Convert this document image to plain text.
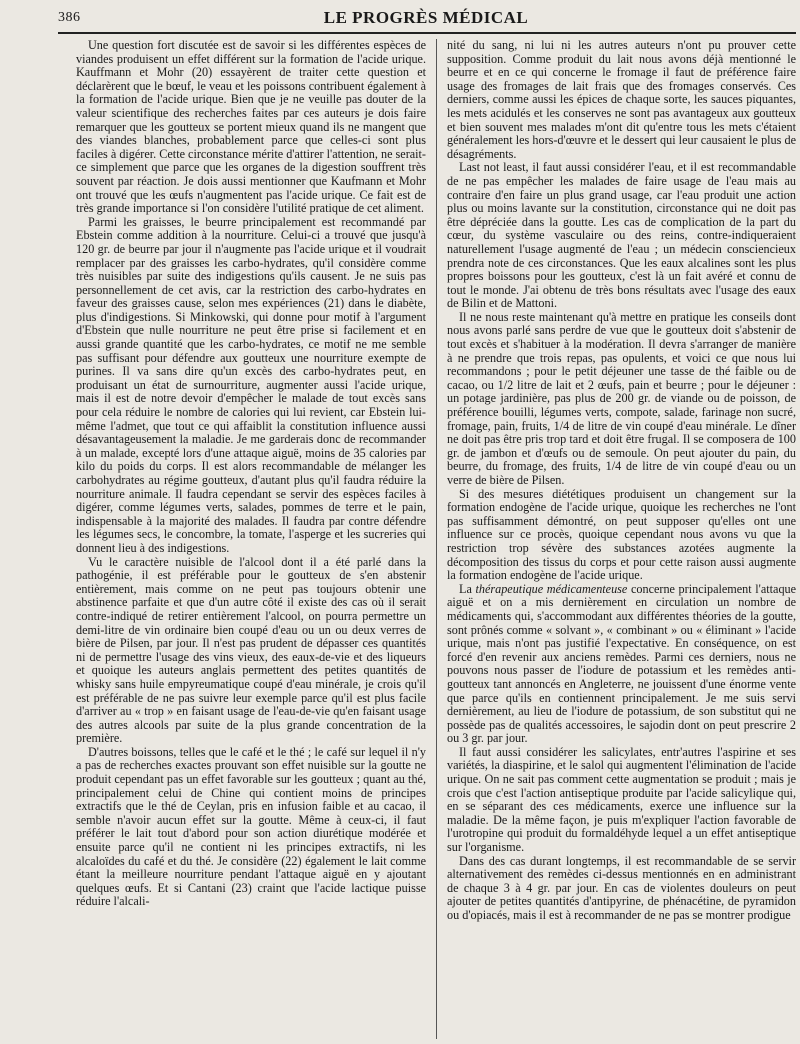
386	LE PROGRÈS MÉDICAL

Une question fort discutée est de savoir si les différentes espèces de viandes produisent un effet différent sur la formation de l'acide urique. Kauffmann et Mohr (20) essayèrent de traiter cette question et déclarèrent que le bœuf, le veau et les poissons contribuent également à la formation de l'acide urique. Bien que je ne veuille pas douter de la valeur scientifique des recherches faites par ces auteurs je dois faire remarquer que les goutteux se portent mieux quand ils ne mangent que des viandes blanches, probablement parce que celles-ci sont plus faciles à digérer. Cette circonstance mérite d'attirer l'attention, ne serait-ce simplement que parce que les organes de la digestion souffrent très souvent par réaction. Je dois aussi mentionner que Kaufmann et Mohr ont trouvé que les œufs n'augmentent pas l'acide urique. Ce fait est de très grande importance si l'on considère l'utilité pratique de cet aliment.

Parmi les graisses, le beurre principalement est recommandé par Ebstein comme addition à la nourriture. Celui-ci a trouvé que jusqu'à 120 gr. de beurre par jour il n'augmente pas l'acide urique et il voudrait remplacer par des graisses les carbo-hydrates, qu'il considère comme très nuisibles par suite des indigestions qu'ils causent. Je ne suis pas personnellement de cet avis, car la restriction des carbo-hydrates en faveur des graisses cause, selon mes expériences (21) dans le diabète, plus d'indigestions. Si Minkowski, qui donne pour motif à l'argument d'Ebstein que nulle nourriture ne peut être prise si facilement et en aussi grande quantité que les carbo-hydrates, ce motif ne me semble pas suffisant pour défendre aux goutteux une nourriture exempte de purines. Il va sans dire qu'un excès des carbo-hydrates peut, en produisant un état de surnourriture, augmenter aussi l'acide urique, mais il est de notre devoir d'empêcher le malade de tout excès sans pour cela réduire le nombre de calories qui lui revient, car Ebstein lui-même l'admet, que tout ce qui affaiblit la constitution influence aussi désavantageusement la maladie. Je me garderais donc de recommander à un malade, excepté lors d'une attaque aiguë, moins de 35 calories par kilo du poids du corps. Il est alors recommandable de mélanger les carbohydrates au régime goutteux, d'autant plus qu'il faudra réduire la nourriture animale. Il faudra cependant se servir des espèces faciles à digérer, comme légumes verts, salades, pommes de terre et le pain, indispensable à la majorité des malades. Il faudra par contre défendre les légumes secs, le concombre, la tomate, l'asperge et les sucreries qui donnent lieu à des indigestions.

Vu le caractère nuisible de l'alcool dont il a été parlé dans la pathogénie, il est préférable pour le goutteux de s'en abstenir entièrement, mais comme on ne peut pas toujours obtenir une abstinence parfaite et que d'un autre côté il existe des cas où il serait contre-indiqué de retirer entièrement l'alcool, on pourra permettre un demi-litre de vin ordinaire bien coupé d'eau ou un ou deux verres de bière de Pilsen, par jour. Il n'est pas prudent de dépasser ces quantités ni de permettre l'usage des vins vieux, des eaux-de-vie et des liqueurs et quoique les auteurs anglais permettent des petites quantités de whisky sans huile empyreumatique coupé d'eau minérale, je crois qu'il est préférable de ne pas suivre leur exemple parce qu'il est plus facile d'arriver au « trop » en faisant usage de l'eau-de-vie qu'en faisant usage des autres alcools par suite de la plus grande concentration de la première.

D'autres boissons, telles que le café et le thé ; le café sur lequel il n'y a pas de recherches exactes prouvant son effet nuisible sur la goutte ne produit cependant pas un effet favorable sur les goutteux ; quant au thé, principalement celui de Chine qui contient moins de principes extractifs que le thé de Ceylan, pris en infusion faible et au cacao, il semble n'avoir aucun effet sur la goutte. Même à ceux-ci, il faut préférer le lait tout d'abord pour son action diurétique modérée et ensuite parce qu'il ne contient ni les principes extractifs, ni les alcaloïdes du café et du thé. Je considère (22) également le lait comme étant la meilleure nourriture pendant l'attaque aiguë en y ajoutant quelques œufs. Et si Cantani (23) craint que l'acide lactique puisse réduire l'alcali-

nité du sang, ni lui ni les autres auteurs n'ont pu prouver cette supposition. Comme produit du lait nous avons déjà mentionné le beurre et en ce qui concerne le fromage il faut de préférence faire usage des fromages de lait frais que des fromages conservés. Ces derniers, comme aussi les épices de chaque sorte, les sauces piquantes, les mets acidulés et les conserves ne sont pas avantageux aux goutteux et bien souvent mes malades m'ont dit qu'entre tous les mets c'étaient généralement les hors-d'œuvre et le dessert qui leur causaient le plus de désagréments.

Last not least, il faut aussi considérer l'eau, et il est recommandable de ne pas empêcher les malades de faire usage de l'eau mais au contraire d'en faire un plus grand usage, car l'eau produit une action plus ou moins lavante sur la constitution, circonstance qui ne doit pas être dépréciée dans la goutte. Les cas de complication de la part du cœur, du système vasculaire ou des reins, contre-indiqueraient naturellement l'usage augmenté de l'eau ; un médecin consciencieux prendra note de ces circonstances. Que les eaux alcalines sont les plus propres boissons pour les goutteux, c'est là un fait avéré et connu de tout le monde. J'ai obtenu de très bons résultats avec l'usage des eaux de Bilin et de Mattoni.

Il ne nous reste maintenant qu'à mettre en pratique les conseils dont nous avons parlé sans perdre de vue que le goutteux doit s'abstenir de tout excès et s'habituer à la modération. Il devra s'arranger de manière à ne prendre que trois repas, pas opulents, et voici ce que nous lui recommandons ; pour le petit déjeuner une tasse de thé faible ou de cacao, ou 1/2 litre de lait et 2 œufs, pain et beurre ; pour le déjeuner : un potage jardinière, pas plus de 200 gr. de viande ou de poisson, de préférence bouilli, légumes verts, compote, salade, farinage non sucré, fromage, pain, fruits, 1/4 de litre de vin coupé d'eau minérale. Le dîner ne doit pas être pris trop tard et doit être frugal. Il se composera de 100 gr. de jambon et d'œufs ou de semoule. On peut ajouter du pain, du beurre, du fromage, des fruits, 1/4 de litre de vin coupé d'eau ou un verre de bière de Pilsen.

Si des mesures diététiques produisent un changement sur la formation endogène de l'acide urique, quoique les recherches ne l'ont pas suffisamment démontré, on peut supposer qu'elles ont une influence sur ce procès, quoique cependant nous avons vu que la restriction trop sévère des substances azotées augmente la décomposition des tissus du corps et pour cette raison aussi augmente la formation endogène de l'acide urique.

La thérapeutique médicamenteuse concerne principalement l'attaque aiguë et on a mis dernièrement en circulation un nombre de médicaments qui, s'accommodant aux différentes théories de la goutte, sont prônés comme « solvant », « combinant » ou « éliminant » l'acide urique, mais n'ont pas justifié l'expectative. En conséquence, on est forcé d'en revenir aux anciens remèdes. Parmi ces derniers, nous ne pouvons nous passer de l'iodure de potassium et les remèdes anti-goutteux tant annoncés en Angleterre, ne jouissent d'une énorme vente que parce qu'ils en contiennent principalement. Je me suis servi dernièrement, au lieu de l'iodure de potassium, de son substitut qui ne possède pas de qualités accessoires, le sajodin dont on peut prescrire 2 ou 3 gr. par jour.

Il faut aussi considérer les salicylates, entr'autres l'aspirine et ses variétés, la diaspirine, et le salol qui augmentent l'élimination de l'acide urique. On ne sait pas comment cette augmentation se produit ; mais je crois que c'est l'action antiseptique produite par l'acide salicylique qui, en se séparant des ces médicaments, exerce une influence sur la maladie. De la même façon, je puis m'expliquer l'action favorable de l'urotropine qui produit du formaldéhyde lequel a un effet antiseptique sur l'organisme.

Dans des cas durant longtemps, il est recommandable de se servir alternativement des remèdes ci-dessus mentionnés en en administrant de chaque 3 à 4 gr. par jour. En cas de violentes douleurs on peut ajouter de petites quantités d'antipyrine, de phénacétine, de pyramidon ou d'opiacés, mais il est à recommander de ne pas se montrer prodigue
